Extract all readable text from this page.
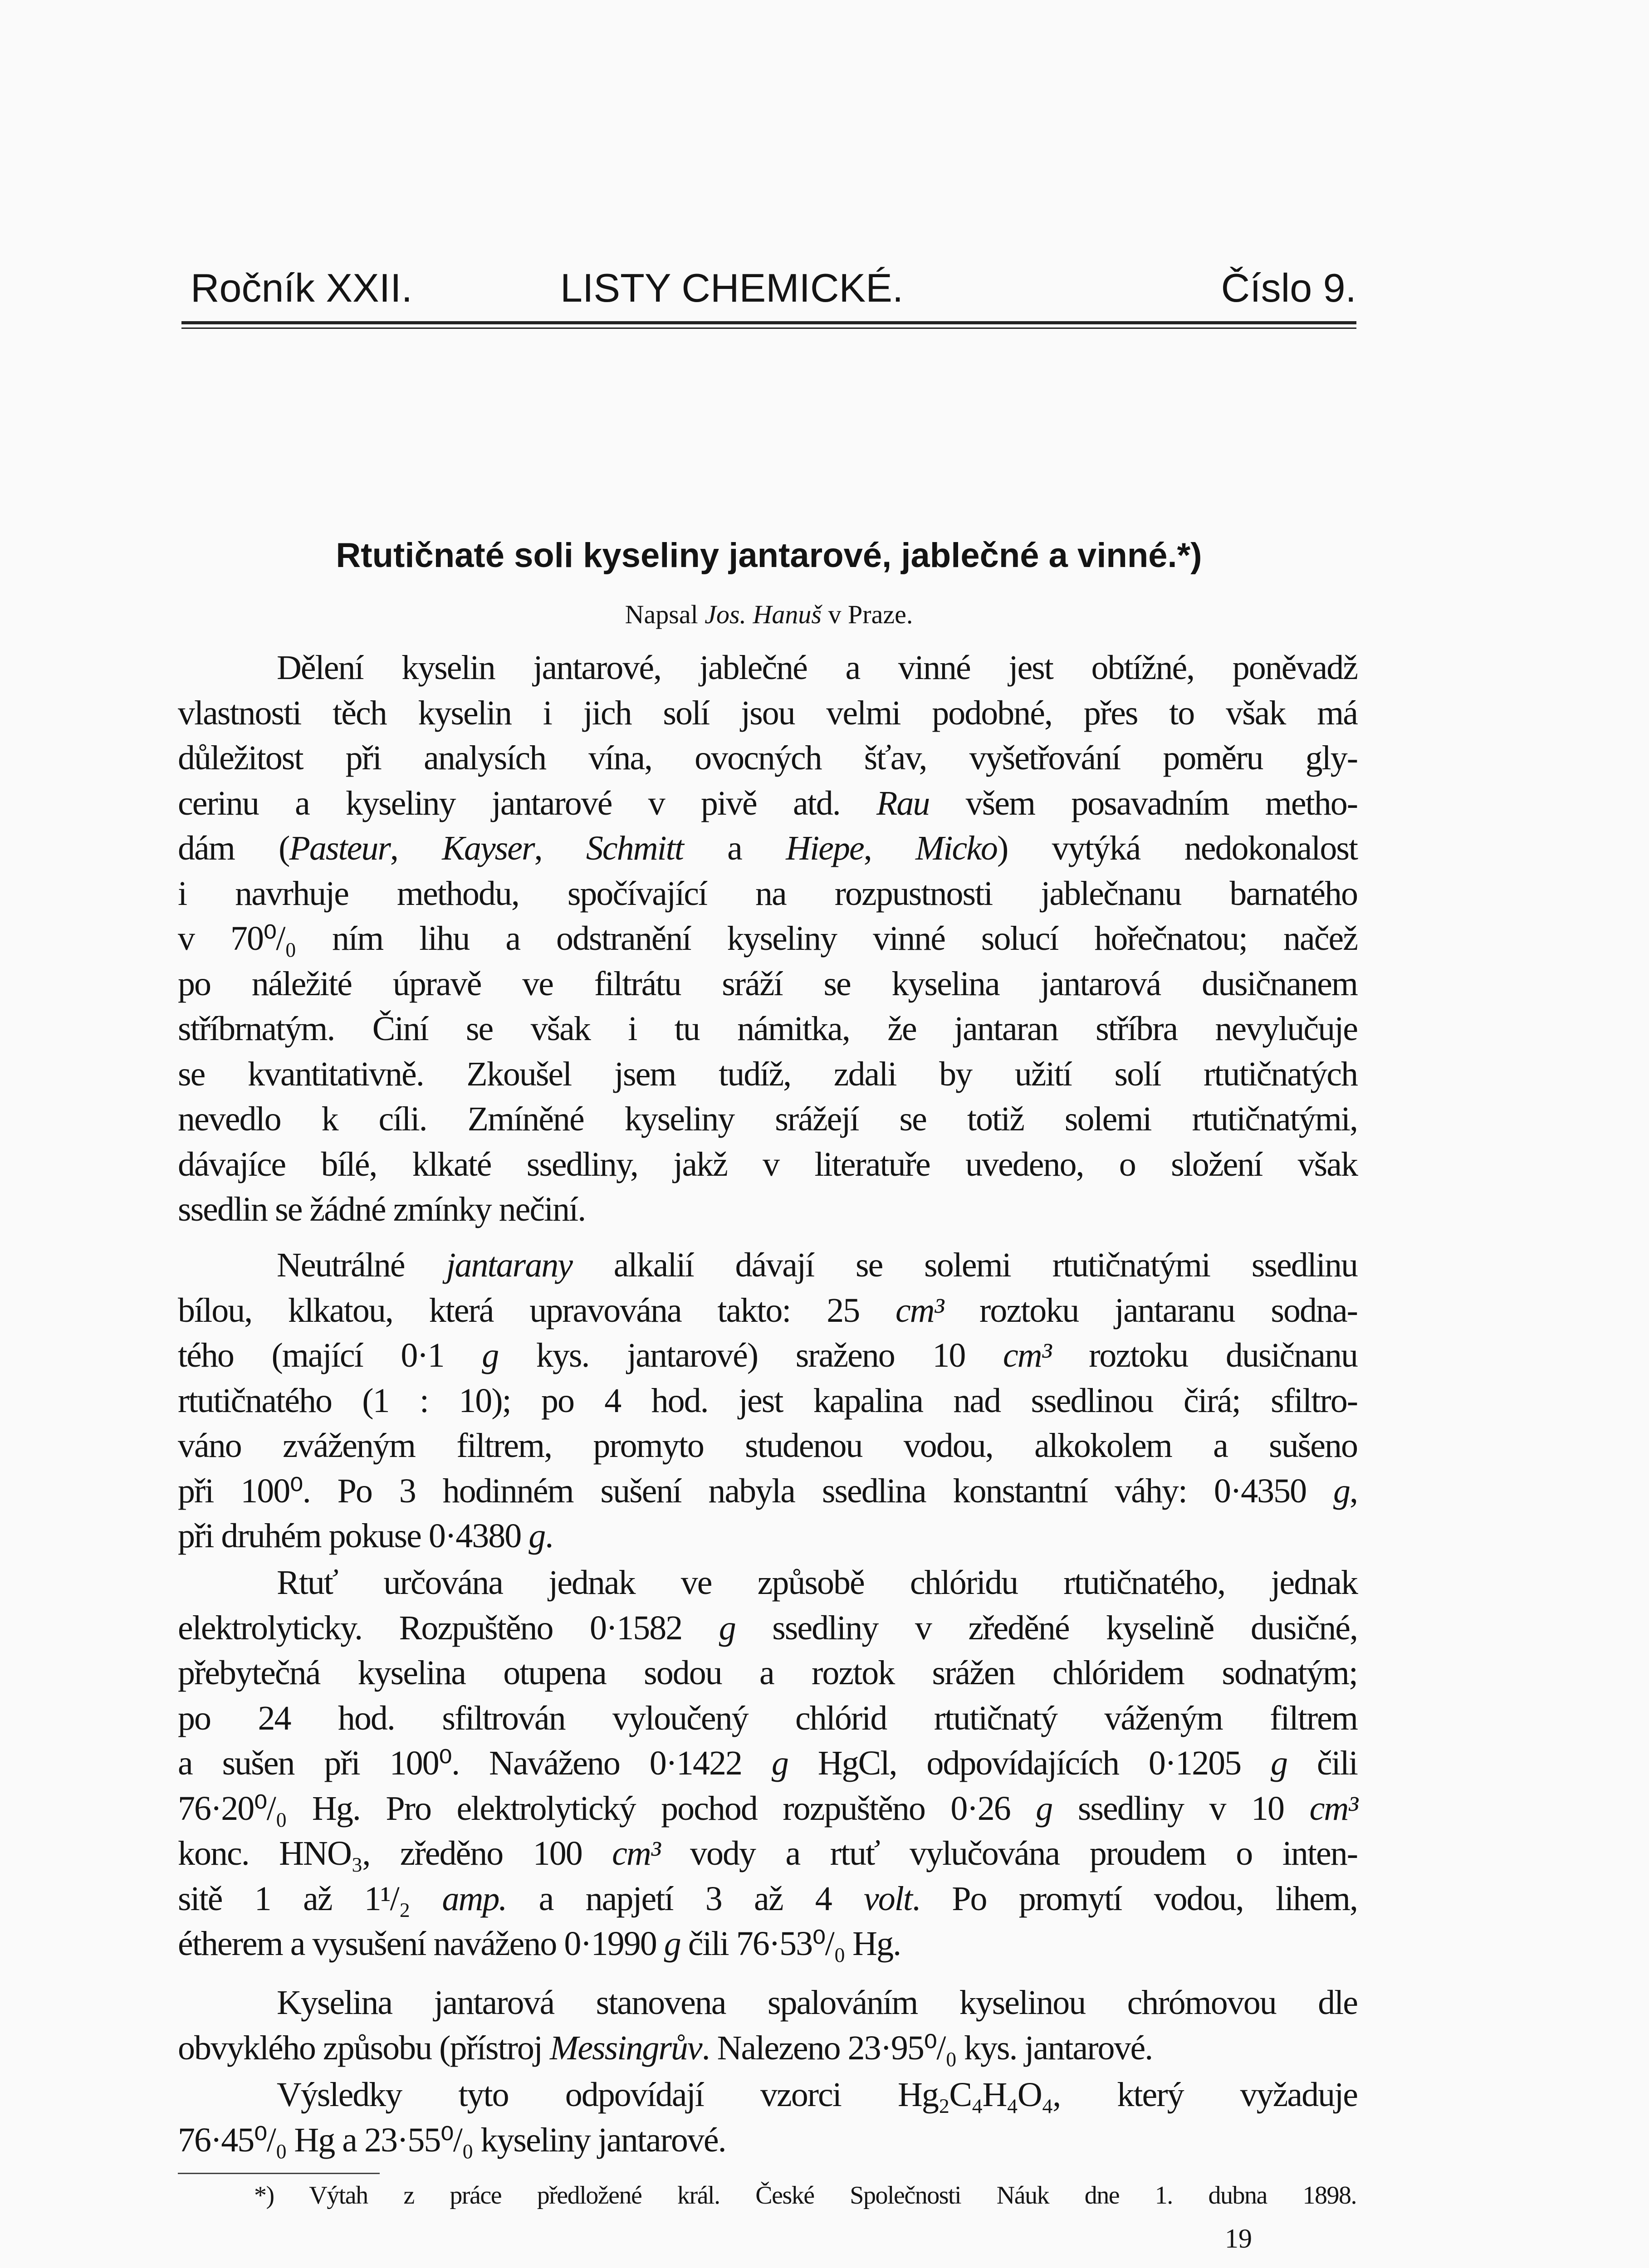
Ročník XXII.	LISTY CHEMICKÉ.	Číslo 9.
Rtutičnaté soli kyseliny jantarové, jablečné a vinné.*)
Napsal Jos. Hanuš v Praze.
Dělení kyselin jantarové, jablečné a vinné jest obtížné, poněvadž
vlastnosti těch kyselin i jich solí jsou velmi podobné, přes to však má
důležitost při analysích vína, ovocných šťav, vyšetřování poměru gly-
cerinu a kyseliny jantarové v pivě atd. Rau všem posavadním metho-
dám (Pasteur, Kayser, Schmitt a Hiepe, Micko) vytýká nedokonalost
i navrhuje methodu, spočívající na rozpustnosti jablečnanu barnatého
v 70⁰/₀ ním lihu a odstranění kyseliny vinné solucí hořečnatou; načež
po náležité úpravě ve filtrátu sráží se kyselina jantarová dusičnanem
stříbrnatým. Činí se však i tu námitka, že jantaran stříbra nevylučuje
se kvantitativně. Zkoušel jsem tudíž, zdali by užití solí rtutičnatých
nevedlo k cíli. Zmíněné kyseliny srážejí se totiž solemi rtutičnatými,
dávajíce bílé, klkaté ssedliny, jakž v literatuře uvedeno, o složení však
ssedlin se žádné zmínky nečiní.
Neutrálné jantarany alkalií dávají se solemi rtutičnatými ssedlinu
bílou, klkatou, která upravována takto: 25 cm³ roztoku jantaranu sodna-
tého (mající 0·1 g kys. jantarové) sraženo 10 cm³ roztoku dusičnanu
rtutičnatého (1 : 10); po 4 hod. jest kapalina nad ssedlinou čirá; sfiltro-
váno zváženým filtrem, promyto studenou vodou, alkokolem a sušeno
při 100⁰. Po 3 hodinném sušení nabyla ssedlina konstantní váhy: 0·4350 g,
při druhém pokuse 0·4380 g.
Rtuť určována jednak ve způsobě chlóridu rtutičnatého, jednak
elektrolyticky. Rozpuštěno 0·1582 g ssedliny v zředěné kyselině dusičné,
přebytečná kyselina otupena sodou a roztok srážen chlóridem sodnatým;
po 24 hod. sfiltrován vyloučený chlórid rtutičnatý váženým filtrem
a sušen při 100⁰. Naváženo 0·1422 g HgCl, odpovídajících 0·1205 g čili
76·20⁰/₀ Hg. Pro elektrolytický pochod rozpuštěno 0·26 g ssedliny v 10 cm³
konc. HNO₃, zředěno 100 cm³ vody a rtuť vylučována proudem o inten-
sitě 1 až 1¹/₂ amp. a napjetí 3 až 4 volt. Po promytí vodou, lihem,
étherem a vysušení naváženo 0·1990 g čili 76·53⁰/₀ Hg.
Kyselina jantarová stanovena spalováním kyselinou chrómovou dle
obvyklého způsobu (přístroj Messingrův. Nalezeno 23·95⁰/₀ kys. jantarové.
Výsledky tyto odpovídají vzorci Hg₂C₄H₄O₄, který vyžaduje
76·45⁰/₀ Hg a 23·55⁰/₀ kyseliny jantarové.
*) Výtah z práce předložené král. České Společnosti Náuk dne 1. dubna 1898.
19
